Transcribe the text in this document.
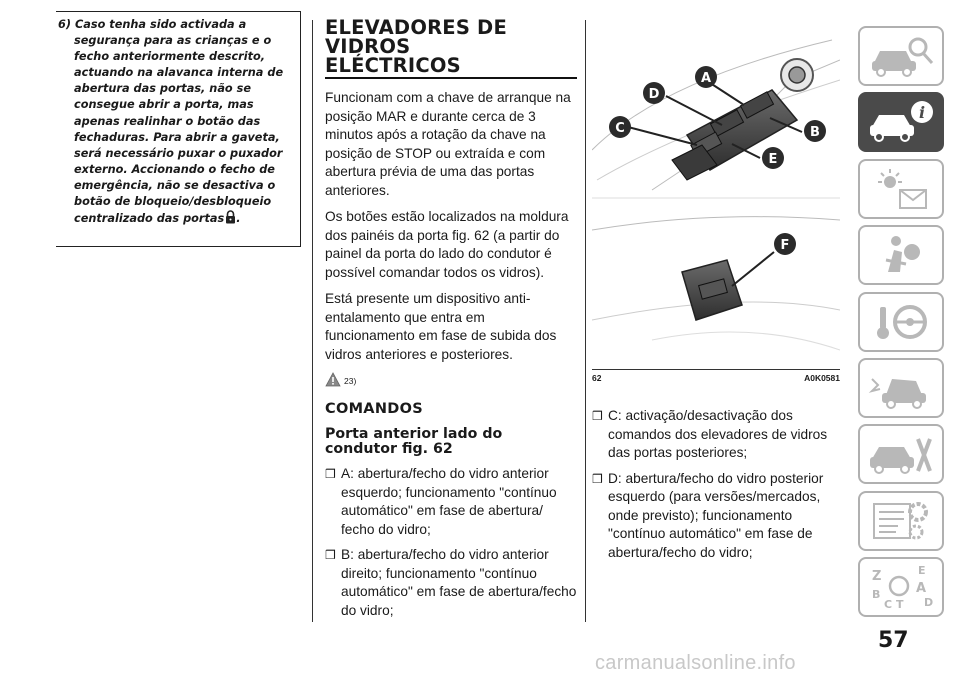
6) Caso tenha sido activada a
segurança para as crianças e o fecho anteriormente descrito, actuando na alavanca interna de abertura das portas, não se consegue abrir a porta, mas apenas realinhar o botão das fechaduras. Para abrir a gaveta, será necessário puxar o puxador externo. Accionando o fecho de emergência, não se desactiva o botão de bloqueio/desbloqueio centralizado das portas .

ELEVADORES DE
VIDROS
ELÉCTRICOS

Funcionam com a chave de arranque na posição MAR e durante cerca de 3 minutos após a rotação da chave na posição de STOP ou extraída e com abertura prévia de uma das portas anteriores.

Os botões estão localizados na moldura dos painéis da porta fig. 62 (a partir do painel da porta do lado do condutor é possível comandar todos os vidros).

Está presente um dispositivo anti-entalamento que entra em funcionamento em fase de subida dos vidros anteriores e posteriores.

23)
COMANDOS
Porta anterior lado do
condutor fig. 62
❒ A: abertura/fecho do vidro anterior esquerdo; funcionamento "contínuo automático" em fase de abertura/ fecho do vidro;
❒ B: abertura/fecho do vidro anterior direito; funcionamento "contínuo automático" em fase de abertura/fecho do vidro;
A
B
C
D
E
F
62	A0K0581
❒ C: activação/desactivação dos comandos dos elevadores de vidros das portas posteriores;
❒ D: abertura/fecho do vidro posterior esquerdo (para versões/mercados, onde previsto); funcionamento "contínuo automático" em fase de abertura/fecho do vidro;
i
Z	E
A
B
C T D
57
carmanualsonline.info
